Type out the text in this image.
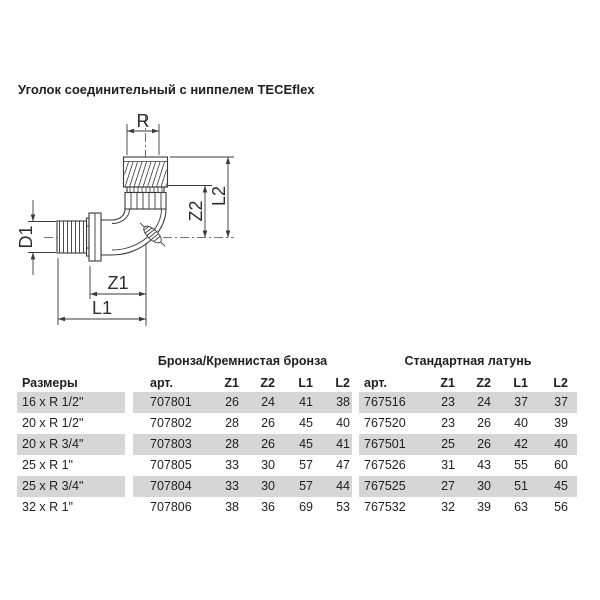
Уголок соединительный с ниппелем TECEflex
R
D1
Z1
L1
Z2
L2
Бронза/Кремнистая бронза	Стандартная латунь
Размеры	арт.	Z1	Z2	L1	L2	арт.	Z1	Z2	L1	L2
16 x R 1/2"	707801	26	24	41	38	767516	23	24	37	37
20 x R 1/2"	707802	28	26	45	40	767520	23	26	40	39
20 x R 3/4"	707803	28	26	45	41	767501	25	26	42	40
25 x R 1"	707805	33	30	57	47	767526	31	43	55	60
25 x R 3/4"	707804	33	30	57	44	767525	27	30	51	45
32 x R 1"	707806	38	36	69	53	767532	32	39	63	56
